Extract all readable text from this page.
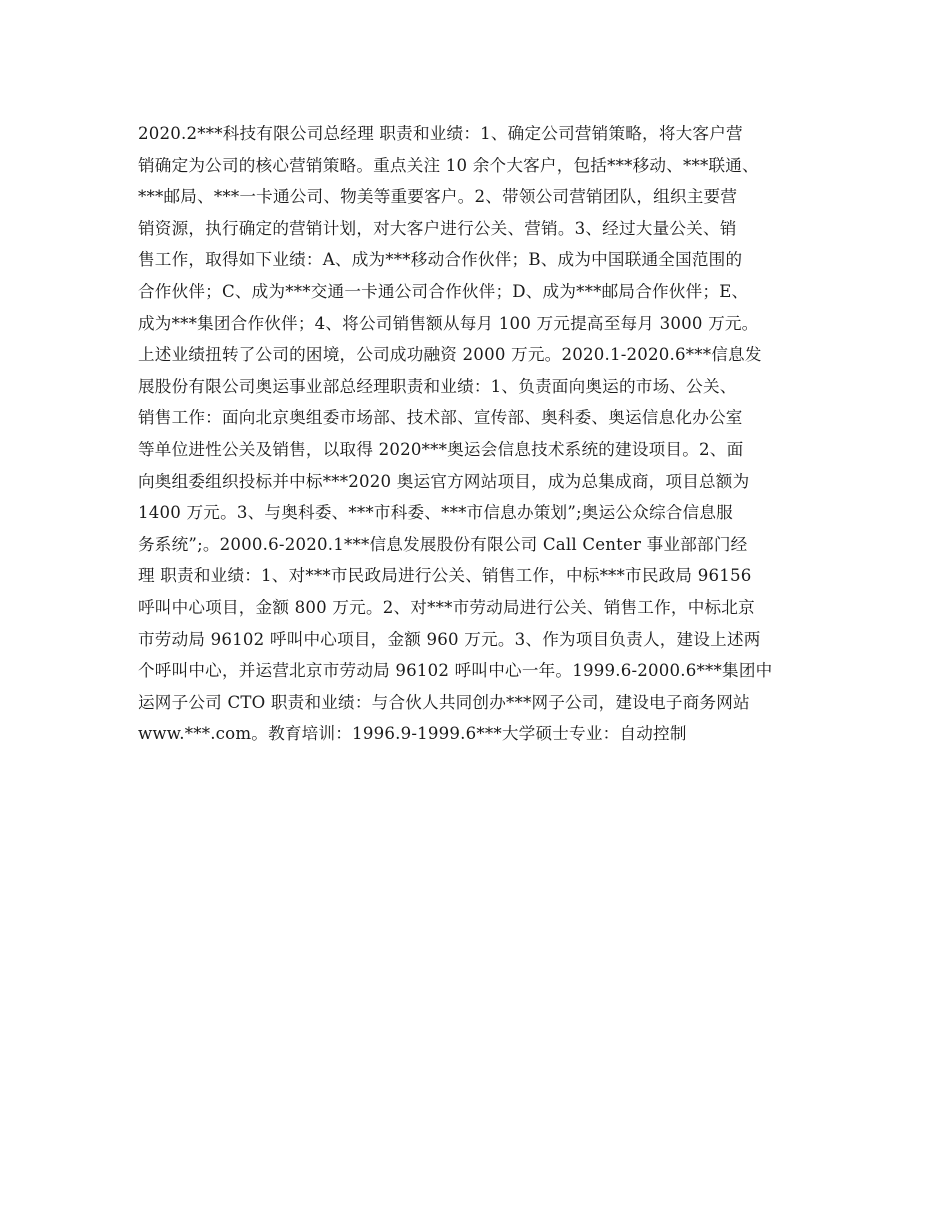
2020.2***科技有限公司总经理 职责和业绩：1、确定公司营销策略，将大客户营
销确定为公司的核心营销策略。重点关注 10 余个大客户，包括***移动、***联通、
***邮局、***一卡通公司、物美等重要客户。2、带领公司营销团队，组织主要营
销资源，执行确定的营销计划，对大客户进行公关、营销。3、经过大量公关、销
售工作，取得如下业绩：A、成为***移动合作伙伴；B、成为中国联通全国范围的
合作伙伴；C、成为***交通一卡通公司合作伙伴；D、成为***邮局合作伙伴；E、
成为***集团合作伙伴；4、将公司销售额从每月 100 万元提高至每月 3000 万元。
上述业绩扭转了公司的困境，公司成功融资 2000 万元。2020.1-2020.6***信息发
展股份有限公司奥运事业部总经理职责和业绩：1、负责面向奥运的市场、公关、
销售工作：面向北京奥组委市场部、技术部、宣传部、奥科委、奥运信息化办公室
等单位进性公关及销售，以取得 2020***奥运会信息技术系统的建设项目。2、面
向奥组委组织投标并中标***2020 奥运官方网站项目，成为总集成商，项目总额为
1400 万元。3、与奥科委、***市科委、***市信息办策划”;奥运公众综合信息服
务系统”;。2000.6-2020.1***信息发展股份有限公司 Call Center 事业部部门经
理 职责和业绩：1、对***市民政局进行公关、销售工作，中标***市民政局 96156
呼叫中心项目，金额 800 万元。2、对***市劳动局进行公关、销售工作，中标北京
市劳动局 96102 呼叫中心项目，金额 960 万元。3、作为项目负责人，建设上述两
个呼叫中心，并运营北京市劳动局 96102 呼叫中心一年。1999.6-2000.6***集团中
运网子公司 CTO 职责和业绩：与合伙人共同创办***网子公司，建设电子商务网站
www.***.com。教育培训：1996.9-1999.6***大学硕士专业：自动控制
